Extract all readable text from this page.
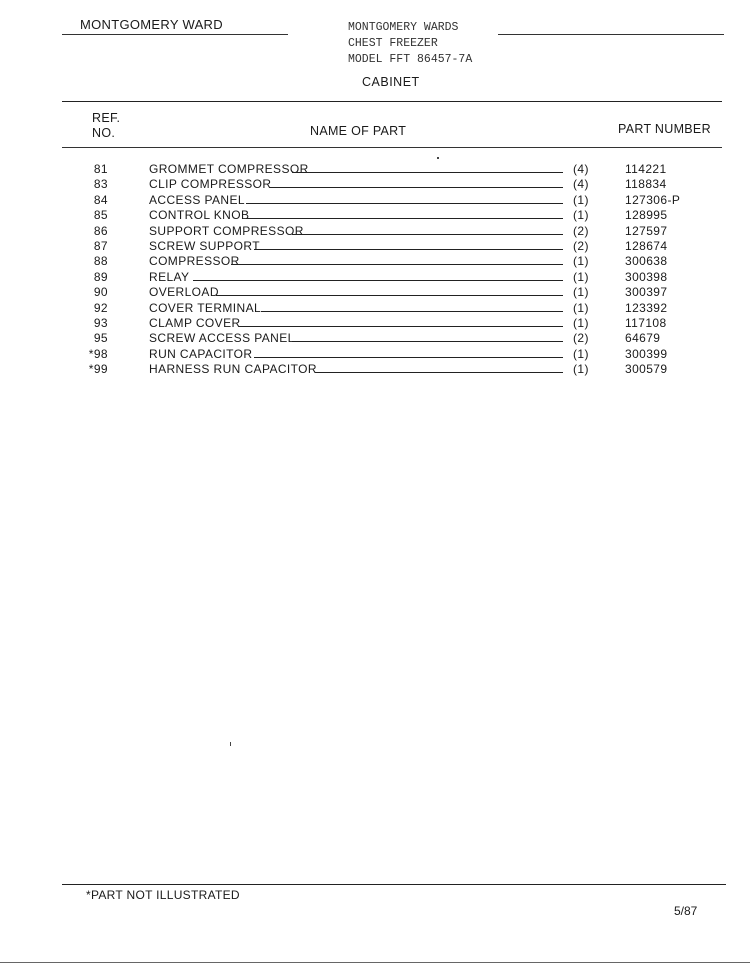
MONTGOMERY WARD	MONTGOMERY WARDS
CHEST FREEZER
MODEL FFT 86457-7A
CABINET
REF.
NO.	NAME OF PART	PART NUMBER
81	GROMMET COMPRESSOR	(4)	114221
83	CLIP COMPRESSOR	(4)	118834
84	ACCESS PANEL	(1)	127306-P
85	CONTROL KNOB	(1)	128995
86	SUPPORT COMPRESSOR	(2)	127597
87	SCREW SUPPORT	(2)	128674
88	COMPRESSOR	(1)	300638
89	RELAY	(1)	300398
90	OVERLOAD	(1)	300397
92	COVER TERMINAL	(1)	123392
93	CLAMP COVER	(1)	117108
95	SCREW ACCESS PANEL	(2)	64679
*98	RUN CAPACITOR	(1)	300399
*99	HARNESS RUN CAPACITOR	(1)	300579
*PART NOT ILLUSTRATED
5/87
